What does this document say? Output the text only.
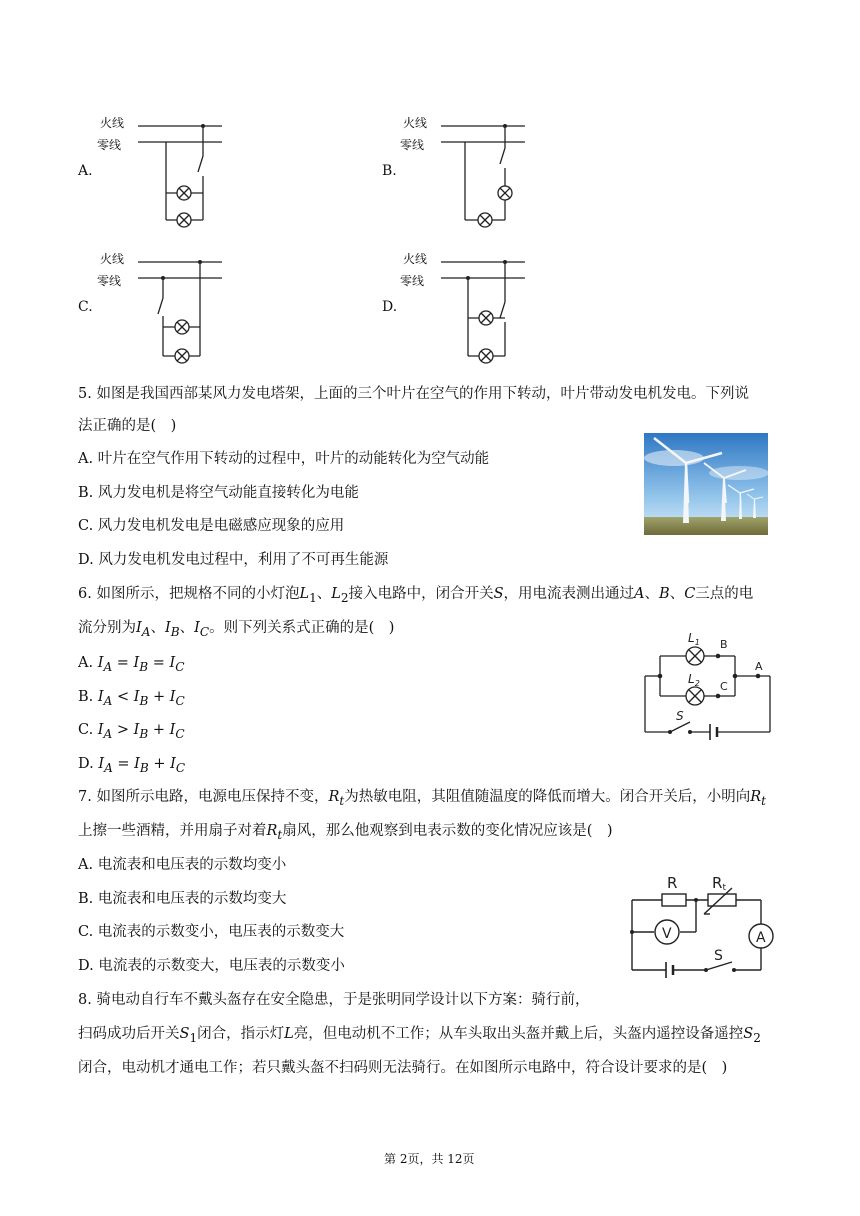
火线
零线
A.
火线
零线
B.
火线
零线
C.
火线
零线
D.
5. 如图是我国西部某风力发电塔架，上面的三个叶片在空气的作用下转动，叶片带动发电机发电。下列说
法正确的是(　)
A. 叶片在空气作用下转动的过程中，叶片的动能转化为空气动能
B. 风力发电机是将空气动能直接转化为电能
C. 风力发电机发电是电磁感应现象的应用
D. 风力发电机发电过程中，利用了不可再生能源
6. 如图所示，把规格不同的小灯泡$L_1$、$L_2$接入电路中，闭合开关S，用电流表测出通过A、B、C三点的电
流分别为$I_A$、$I_B$、$I_C$。则下列关系式正确的是(　)
A. $I_A = I_B = I_C$
B. $I_A < I_B + I_C$
C. $I_A > I_B + I_C$
D. $I_A = I_B + I_C$
$L_1$ B
A
$L_2$ C
S
7. 如图所示电路，电源电压保持不变，$R_t$为热敏电阻，其阻值随温度的降低而增大。闭合开关后，小明向$R_t$
上擦一些酒精，并用扇子对着$R_t$扇风，那么他观察到电表示数的变化情况应该是(　)
A. 电流表和电压表的示数均变小
B. 电流表和电压表的示数均变大
C. 电流表的示数变小，电压表的示数变大
D. 电流表的示数变大，电压表的示数变小
R Rt
V	A
S
8. 骑电动自行车不戴头盔存在安全隐患，于是张明同学设计以下方案：骑行前，
扫码成功后开关$S_1$闭合，指示灯L亮，但电动机不工作；从车头取出头盔并戴上后，头盔内遥控设备遥控$S_2$
闭合，电动机才通电工作；若只戴头盔不扫码则无法骑行。在如图所示电路中，符合设计要求的是(　)
第 2页，共 12页
